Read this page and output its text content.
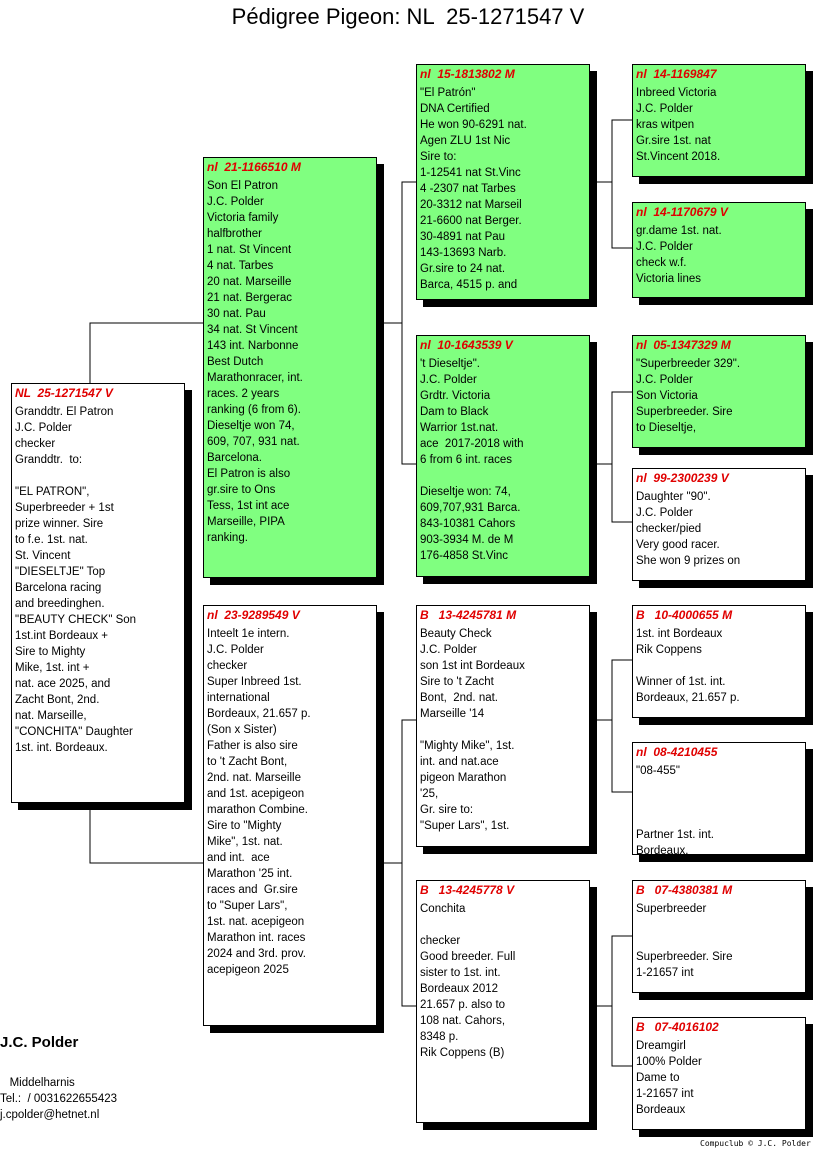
Pédigree Pigeon: NL  25-1271547 V
NL  25-1271547 V
Granddtr. El Patron
J.C. Polder
checker
Granddtr.  to:

"EL PATRON",
Superbreeder + 1st
prize winner. Sire
to f.e. 1st. nat.
St. Vincent
"DIESELTJE" Top
Barcelona racing
and breedinghen.
"BEAUTY CHECK" Son
1st.int Bordeaux +
Sire to Mighty
Mike, 1st. int +
nat. ace 2025, and
Zacht Bont, 2nd.
nat. Marseille,
"CONCHITA" Daughter
1st. int. Bordeaux.
nl  21-1166510 M
Son El Patron
J.C. Polder
Victoria family
halfbrother
1 nat. St Vincent
4 nat. Tarbes
20 nat. Marseille
21 nat. Bergerac
30 nat. Pau
34 nat. St Vincent
143 int. Narbonne
Best Dutch
Marathonracer, int.
races. 2 years
ranking (6 from 6).
Dieseltje won 74,
609, 707, 931 nat.
Barcelona.
El Patron is also
gr.sire to Ons
Tess, 1st int ace
Marseille, PIPA
ranking.
nl  23-9289549 V
Inteelt 1e intern.
J.C. Polder
checker
Super Inbreed 1st.
international
Bordeaux, 21.657 p.
(Son x Sister)
Father is also sire
to 't Zacht Bont,
2nd. nat. Marseille
and 1st. acepigeon
marathon Combine.
Sire to "Mighty
Mike", 1st. nat.
and int.  ace
Marathon '25 int.
races and  Gr.sire
to "Super Lars",
1st. nat. acepigeon
Marathon int. races
2024 and 3rd. prov.
acepigeon 2025
nl  15-1813802 M
"El Patrón"
DNA Certified
He won 90-6291 nat.
Agen ZLU 1st Nic
Sire to:
1-12541 nat St.Vinc
4 -2307 nat Tarbes
20-3312 nat Marseil
21-6600 nat Berger.
30-4891 nat Pau
143-13693 Narb.
Gr.sire to 24 nat.
Barca, 4515 p. and
nl  10-1643539 V
't Dieseltje".
J.C. Polder
Grdtr. Victoria
Dam to Black
Warrior 1st.nat.
ace  2017-2018 with
6 from 6 int. races

Dieseltje won: 74,
609,707,931 Barca.
843-10381 Cahors
903-3934 M. de M
176-4858 St.Vinc
B   13-4245781 M
Beauty Check
J.C. Polder
son 1st int Bordeaux
Sire to 't Zacht
Bont,  2nd. nat.
Marseille '14

"Mighty Mike", 1st.
int. and nat.ace
pigeon Marathon
'25,
Gr. sire to:
"Super Lars", 1st.
B   13-4245778 V
Conchita

checker
Good breeder. Full
sister to 1st. int.
Bordeaux 2012
21.657 p. also to
108 nat. Cahors,
8348 p.
Rik Coppens (B)
nl  14-1169847
Inbreed Victoria
J.C. Polder
kras witpen
Gr.sire 1st. nat
St.Vincent 2018.
nl  14-1170679 V
gr.dame 1st. nat.
J.C. Polder
check w.f.
Victoria lines
nl  05-1347329 M
"Superbreeder 329".
J.C. Polder
Son Victoria
Superbreeder. Sire
to Dieseltje,
nl  99-2300239 V
Daughter "90".
J.C. Polder
checker/pied
Very good racer.
She won 9 prizes on
B   10-4000655 M
1st. int Bordeaux
Rik Coppens

Winner of 1st. int.
Bordeaux, 21.657 p.
nl  08-4210455
"08-455"

Partner 1st. int.
Bordeaux.
B   07-4380381 M
Superbreeder

Superbreeder. Sire
1-21657 int
B   07-4016102
Dreamgirl
100% Polder
Dame to
1-21657 int
Bordeaux
J.C. Polder
Middelharnis
Tel.:  / 0031622655423
j.cpolder@hetnet.nl
Compuclub © J.C. Polder
